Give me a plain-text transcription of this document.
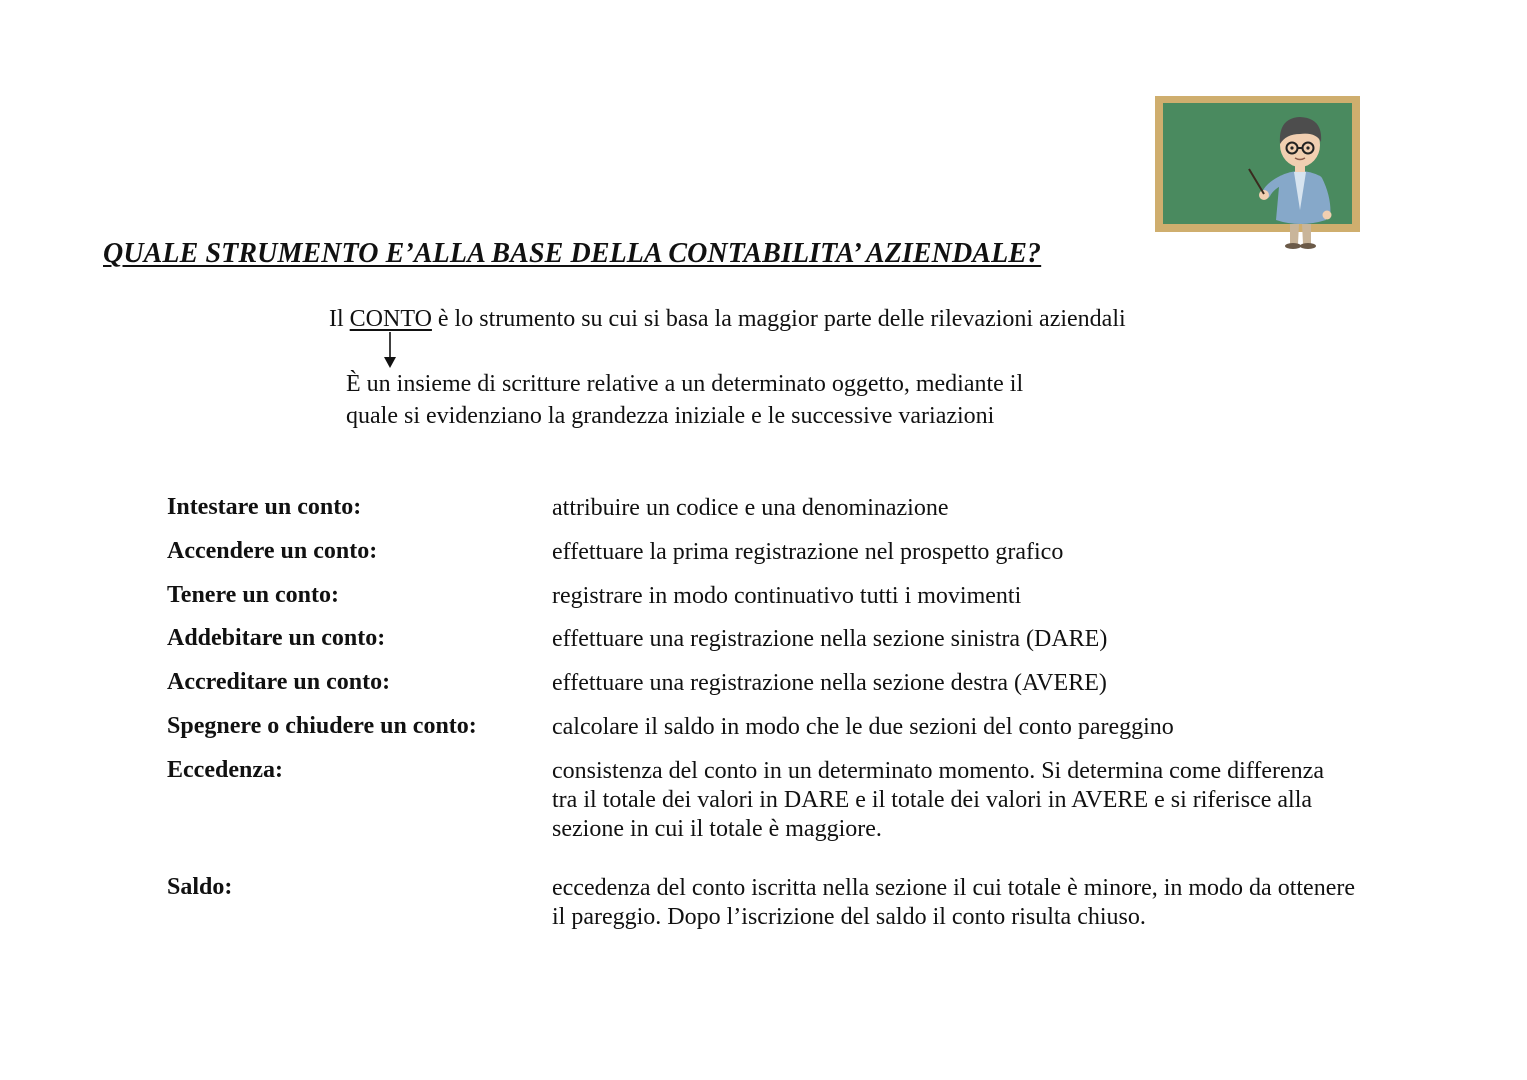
QUALE STRUMENTO E’ALLA BASE DELLA CONTABILITA’ AZIENDALE?
Il CONTO è lo strumento su cui si basa la maggior parte delle rilevazioni aziendali
È un insieme di scritture relative a un determinato oggetto, mediante il
quale si evidenziano la grandezza iniziale e le successive variazioni
Intestare un conto:	attribuire un codice e una denominazione
Accendere un conto:	effettuare la prima registrazione nel prospetto grafico
Tenere un conto:	registrare in modo continuativo tutti i movimenti
Addebitare un conto:	effettuare una registrazione nella sezione sinistra (DARE)
Accreditare un conto:	effettuare una registrazione nella sezione destra (AVERE)
Spegnere o chiudere un conto:	calcolare il saldo in modo che le due sezioni del conto pareggino
Eccedenza:	consistenza del conto in un determinato momento. Si determina come differenza
tra il totale dei valori in DARE e il totale dei valori in AVERE e si riferisce alla
sezione in cui il totale è maggiore.
Saldo:	eccedenza del conto iscritta nella sezione il cui totale è minore, in modo da ottenere
il pareggio. Dopo l’iscrizione del saldo il conto risulta chiuso.
